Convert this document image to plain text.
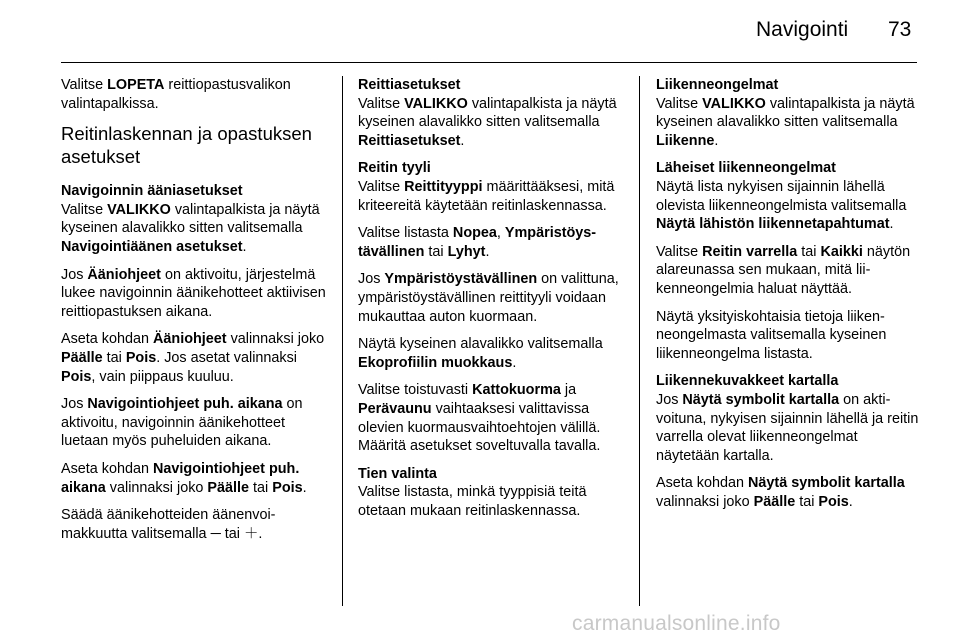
Navigointi 73

Valitse LOPETA reittiopastusvalikon valintapalkissa.

Reitinlaskennan ja opastuksen asetukset
Navigoinnin ääniasetukset

Valitse VALIKKO valintapalkista ja näytä kyseinen alavalikko sitten valitsemalla Navigointiäänen asetukset.

Jos Ääniohjeet on aktivoitu, järjestelmä lukee navigoinnin äänikehotteet aktiivisen reittiopastuksen aikana.

Aseta kohdan Ääniohjeet valinnaksi joko Päälle tai Pois. Jos asetat valinnaksi Pois, vain piippaus kuuluu.

Jos Navigointiohjeet puh. aikana on aktivoitu, navigoinnin äänikehotteet luetaan myös puheluiden aikana.

Aseta kohdan Navigointiohjeet puh. aikana valinnaksi joko Päälle tai Pois.

Säädä äänikehotteiden äänenvoimakkuutta valitsemalla ─ tai ＋.

Reittiasetukset

Valitse VALIKKO valintapalkista ja näytä kyseinen alavalikko sitten valitsemalla Reittiasetukset.

Reitin tyyli

Valitse Reittityyppi määrittääksesi, mitä kriteereitä käytetään reitinlaskennassa.

Valitse listasta Nopea, Ympäristöystävällinen tai Lyhyt.

Jos Ympäristöystävällinen on valittuna, ympäristöystävällinen reittityyli voidaan mukauttaa auton kuormaan.

Näytä kyseinen alavalikko valitsemalla Ekoprofiilin muokkaus.

Valitse toistuvasti Kattokuorma ja Perävaunu vaihtaaksesi valittavissa olevien kuormausvaihtoehtojen välillä. Määritä asetukset soveltuvalla tavalla.

Tien valinta

Valitse listasta, minkä tyyppisiä teitä otetaan mukaan reitinlaskennassa.

Liikenneongelmat

Valitse VALIKKO valintapalkista ja näytä kyseinen alavalikko sitten valitsemalla Liikenne.

Läheiset liikenneongelmat

Näytä lista nykyisen sijainnin lähellä olevista liikenneongelmista valitsemalla Näytä lähistön liikennetapahtumat.

Valitse Reitin varrella tai Kaikki näytön alareunassa sen mukaan, mitä liikenneongelmia haluat näyttää.

Näytä yksityiskohtaisia tietoja liikenneongelmasta valitsemalla kyseinen liikenneongelma listasta.

Liikennekuvakkeet kartalla

Jos Näytä symbolit kartalla on aktivoituna, nykyisen sijainnin lähellä ja reitin varrella olevat liikenneongelmat näytetään kartalla.

Aseta kohdan Näytä symbolit kartalla valinnaksi joko Päälle tai Pois.

carmanualsonline.info
